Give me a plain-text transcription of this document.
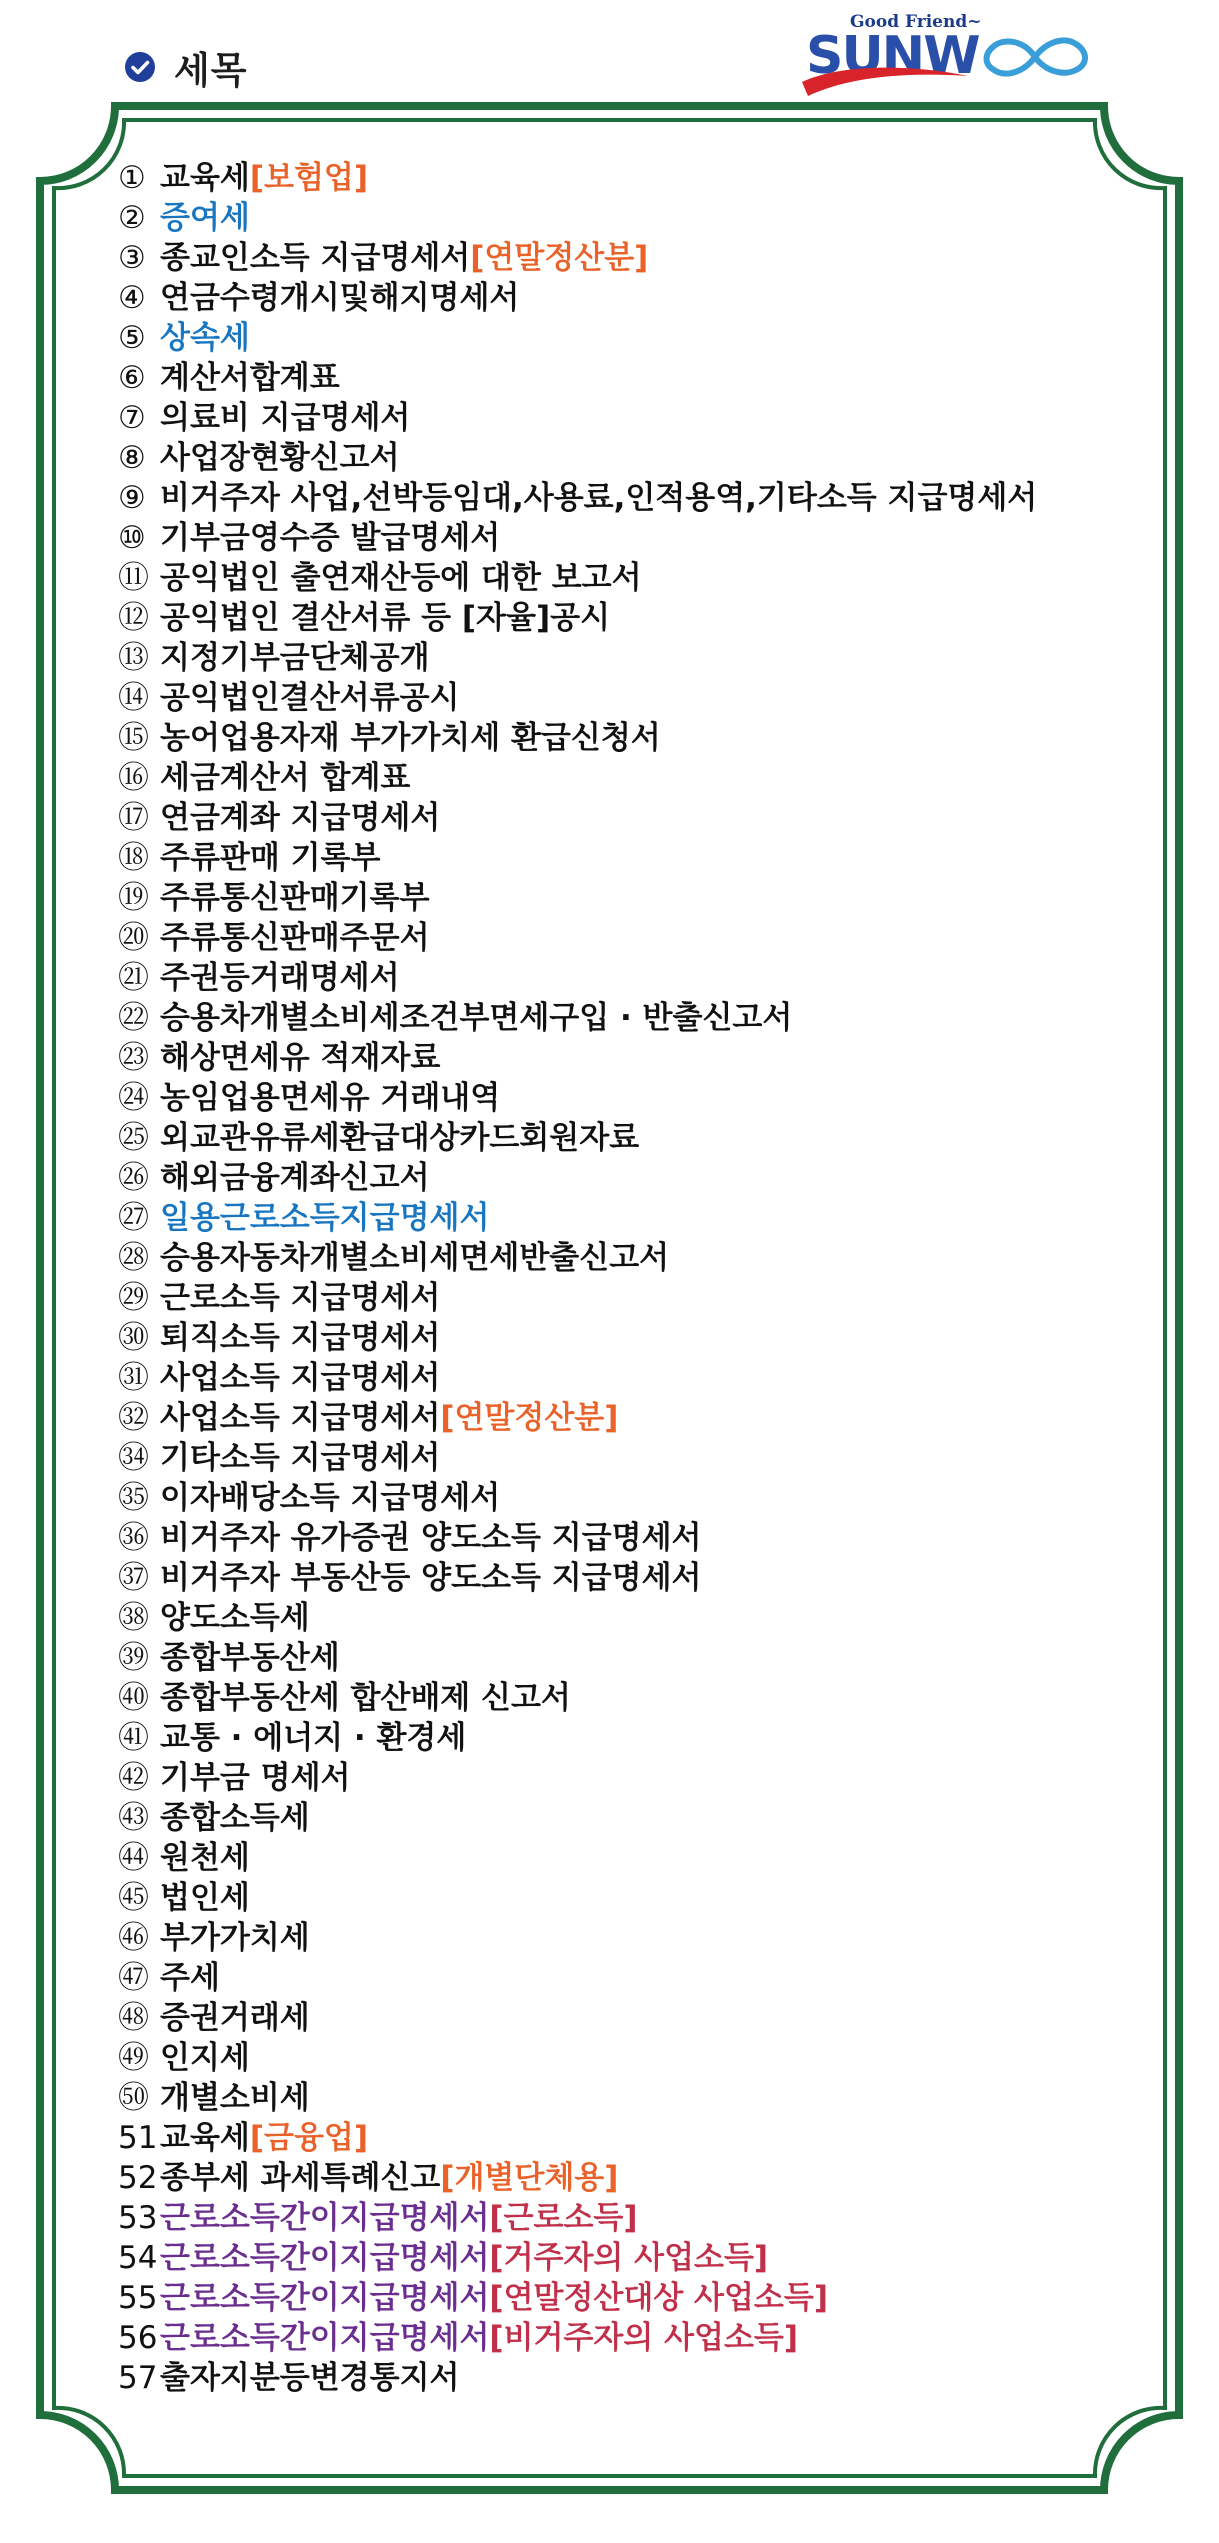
세목
Good Friend~
SUNW
① 교육세[보험업]
② 증여세
③ 종교인소득 지급명세서[연말정산분]
④ 연금수령개시및해지명세서
⑤ 상속세
⑥ 계산서합계표
⑦ 의료비 지급명세서
⑧ 사업장현황신고서
⑨ 비거주자 사업,선박등임대,사용료,인적용역,기타소득 지급명세서
⑩ 기부금영수증 발급명세서
⑪ 공익법인 출연재산등에 대한 보고서
⑫ 공익법인 결산서류 등 [자율]공시
⑬ 지정기부금단체공개
⑭ 공익법인결산서류공시
⑮ 농어업용자재 부가가치세 환급신청서
⑯ 세금계산서 합계표
⑰ 연금계좌 지급명세서
⑱ 주류판매 기록부
⑲ 주류통신판매기록부
⑳ 주류통신판매주문서
㉑ 주권등거래명세서
㉒ 승용차개별소비세조건부면세구입 · 반출신고서
㉓ 해상면세유 적재자료
㉔ 농임업용면세유 거래내역
㉕ 외교관유류세환급대상카드회원자료
㉖ 해외금융계좌신고서
㉗ 일용근로소득지급명세서
㉘ 승용자동차개별소비세면세반출신고서
㉙ 근로소득 지급명세서
㉚ 퇴직소득 지급명세서
㉛ 사업소득 지급명세서
㉜ 사업소득 지급명세서[연말정산분]
㉞ 기타소득 지급명세서
㉟ 이자배당소득 지급명세서
㊱ 비거주자 유가증권 양도소득 지급명세서
㊲ 비거주자 부동산등 양도소득 지급명세서
㊳ 양도소득세
㊴ 종합부동산세
㊵ 종합부동산세 합산배제 신고서
㊶ 교통 · 에너지 · 환경세
㊷ 기부금 명세서
㊸ 종합소득세
㊹ 원천세
㊺ 법인세
㊻ 부가가치세
㊼ 주세
㊽ 증권거래세
㊾ 인지세
㊿ 개별소비세
51교육세[금융업]
52종부세 과세특례신고[개별단체용]
53근로소득간이지급명세서[근로소득]
54근로소득간이지급명세서[거주자의 사업소득]
55근로소득간이지급명세서[연말정산대상 사업소득]
56근로소득간이지급명세서[비거주자의 사업소득]
57출자지분등변경통지서
